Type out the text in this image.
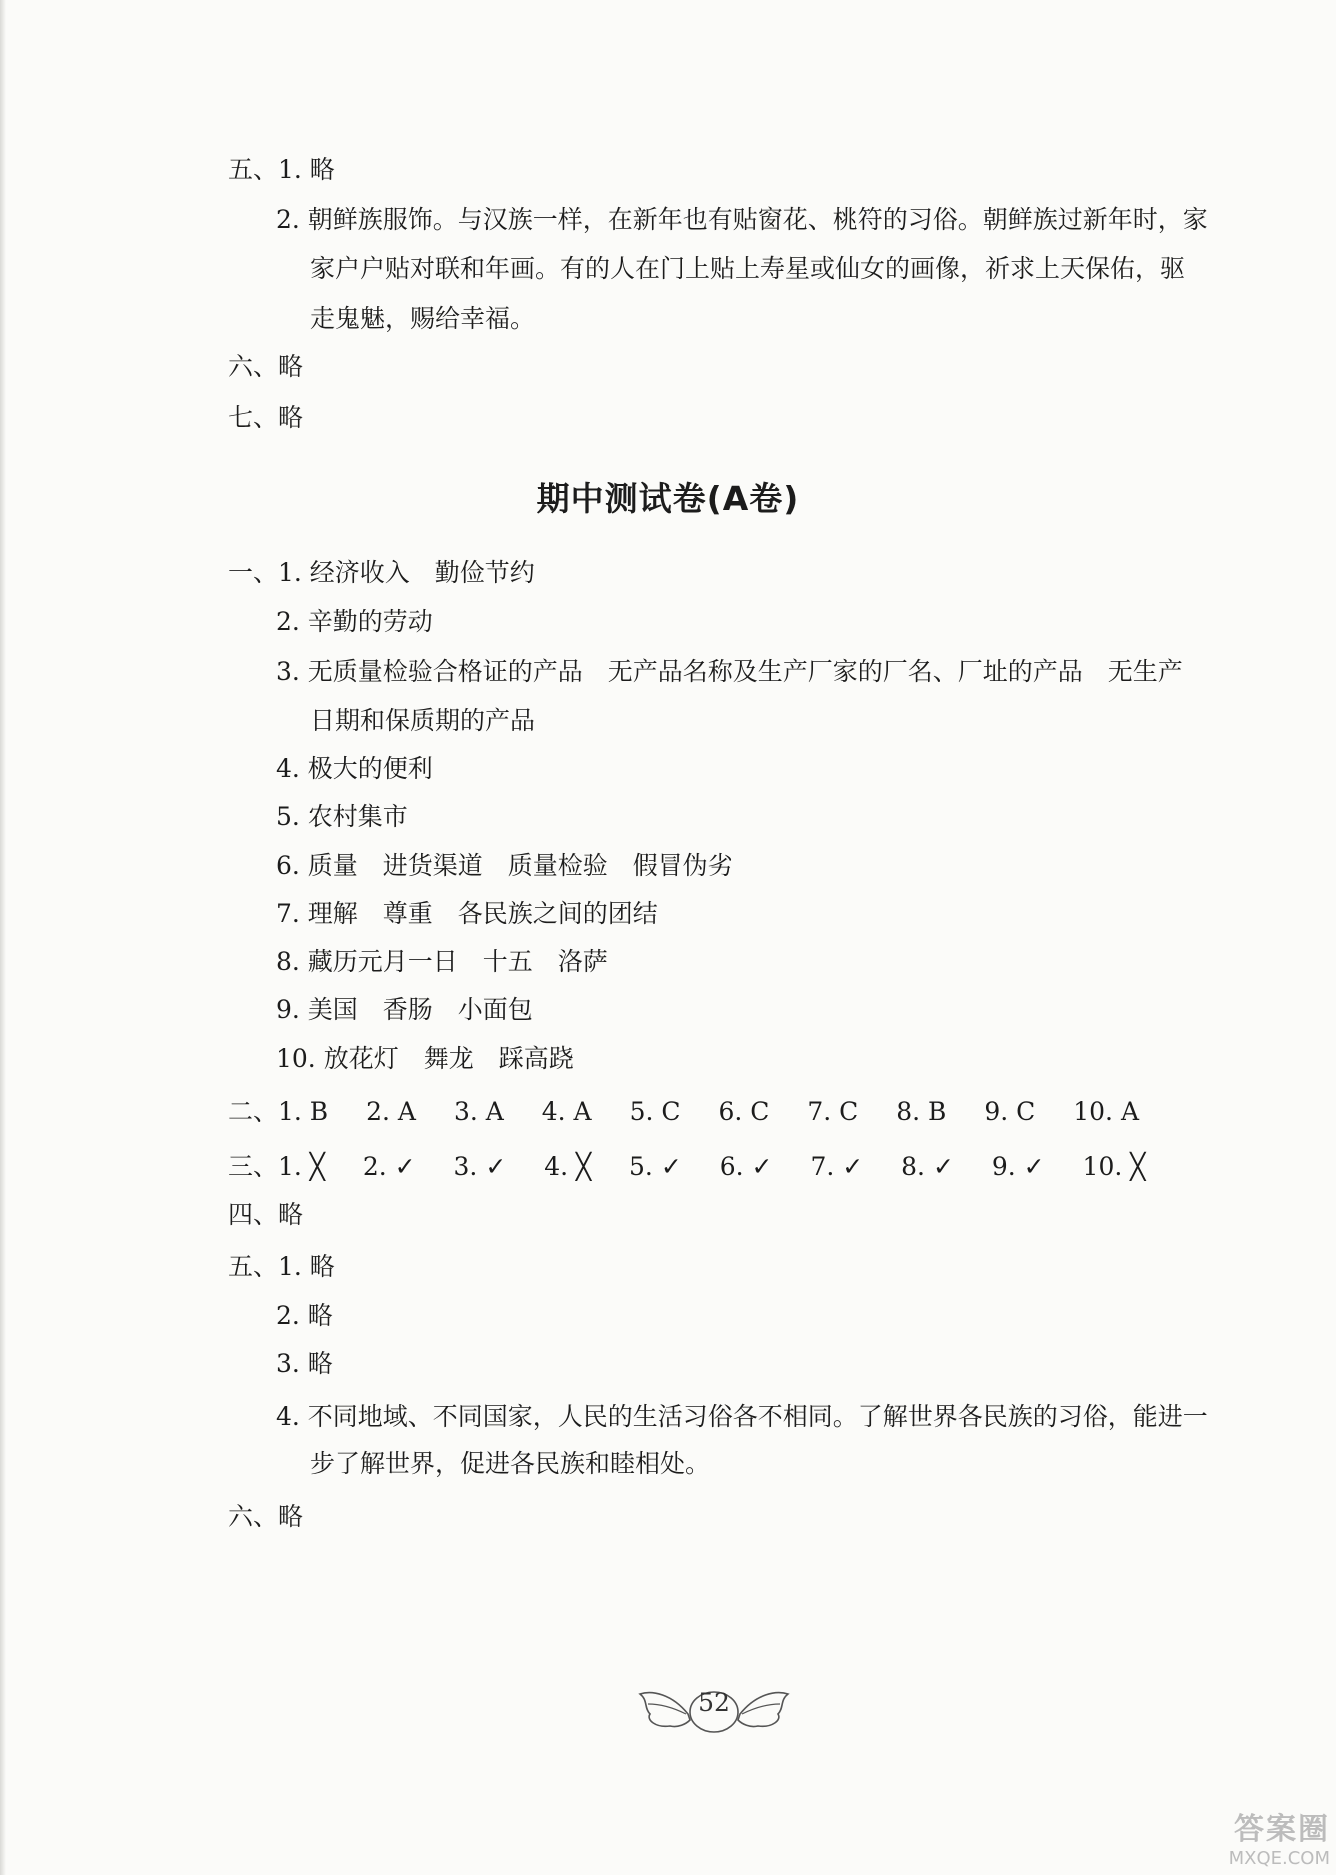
五、1. 略
2. 朝鲜族服饰。与汉族一样，在新年也有贴窗花、桃符的习俗。朝鲜族过新年时，家
家户户贴对联和年画。有的人在门上贴上寿星或仙女的画像，祈求上天保佑，驱
走鬼魅，赐给幸福。
六、略
七、略
期中测试卷(A卷)
一、1. 经济收入　勤俭节约
2. 辛勤的劳动
3. 无质量检验合格证的产品　无产品名称及生产厂家的厂名、厂址的产品　无生产
日期和保质期的产品
4. 极大的便利
5. 农村集市
6. 质量　进货渠道　质量检验　假冒伪劣
7. 理解　尊重　各民族之间的团结
8. 藏历元月一日　十五　洛萨
9. 美国　香肠　小面包
10. 放花灯　舞龙　踩高跷
二、1. B 2. A 3. A 4. A 5. C 6. C 7. C 8. B 9. C 10. A
三、1. ╳ 2. ✓ 3. ✓ 4. ╳ 5. ✓ 6. ✓ 7. ✓ 8. ✓ 9. ✓ 10. ╳
四、略
五、1. 略
2. 略
3. 略
4. 不同地域、不同国家，人民的生活习俗各不相同。了解世界各民族的习俗，能进一
步了解世界，促进各民族和睦相处。
六、略
52
答案圈
MXQE.COM
